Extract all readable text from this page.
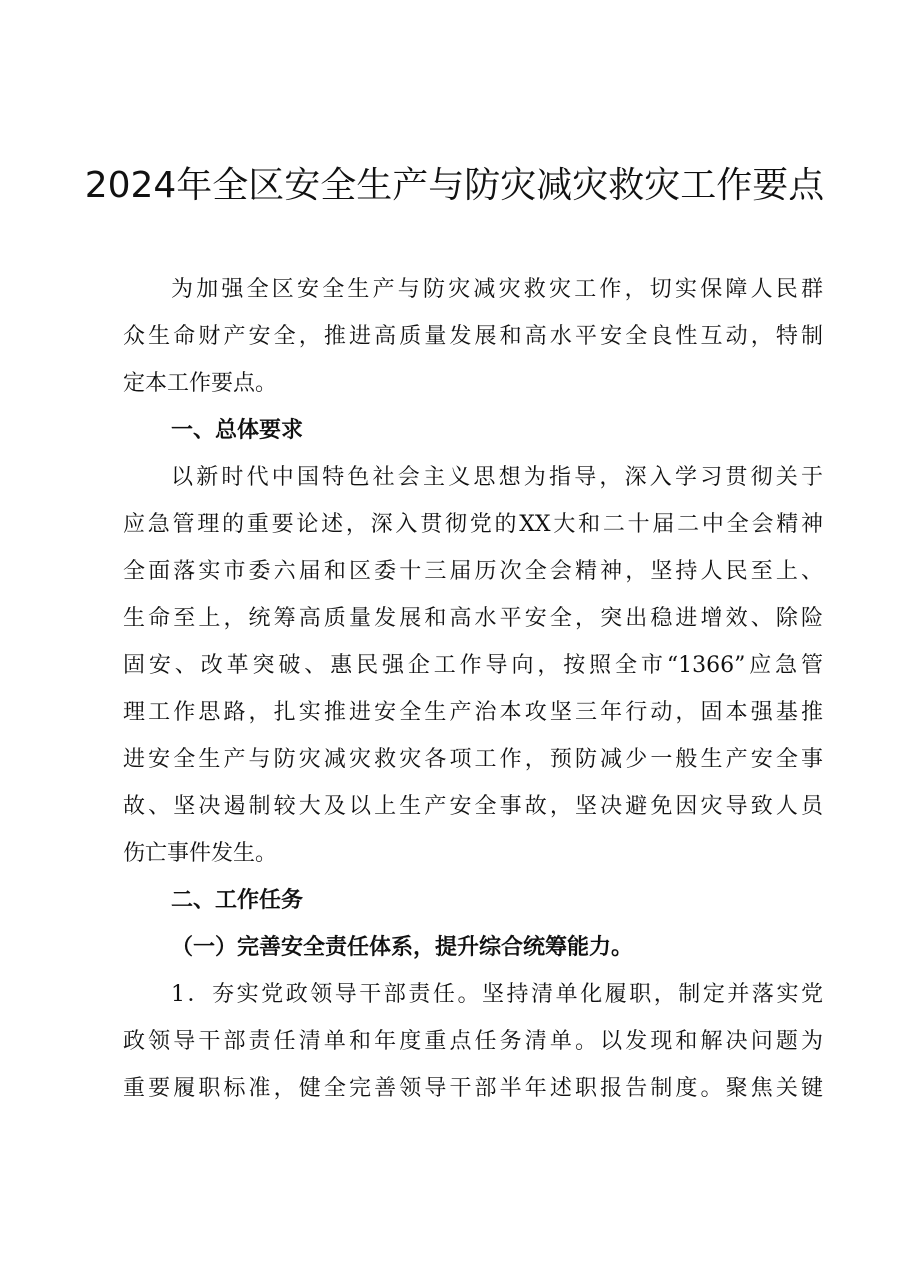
2024年全区安全生产与防灾减灾救灾工作要点
为加强全区安全生产与防灾减灾救灾工作，切实保障人民群
众生命财产安全，推进高质量发展和高水平安全良性互动，特制
定本工作要点。
一、总体要求
以新时代中国特色社会主义思想为指导，深入学习贯彻关于
应急管理的重要论述，深入贯彻党的XX大和二十届二中全会精神
全面落实市委六届和区委十三届历次全会精神，坚持人民至上、
生命至上，统筹高质量发展和高水平安全，突出稳进增效、除险
固安、改革突破、惠民强企工作导向，按照全市“1366”应急管
理工作思路，扎实推进安全生产治本攻坚三年行动，固本强基推
进安全生产与防灾减灾救灾各项工作，预防减少一般生产安全事
故、坚决遏制较大及以上生产安全事故，坚决避免因灾导致人员
伤亡事件发生。
二、工作任务
（一）完善安全责任体系，提升综合统筹能力。
1．夯实党政领导干部责任。坚持清单化履职，制定并落实党
政领导干部责任清单和年度重点任务清单。以发现和解决问题为
重要履职标准，健全完善领导干部半年述职报告制度。聚焦关键
